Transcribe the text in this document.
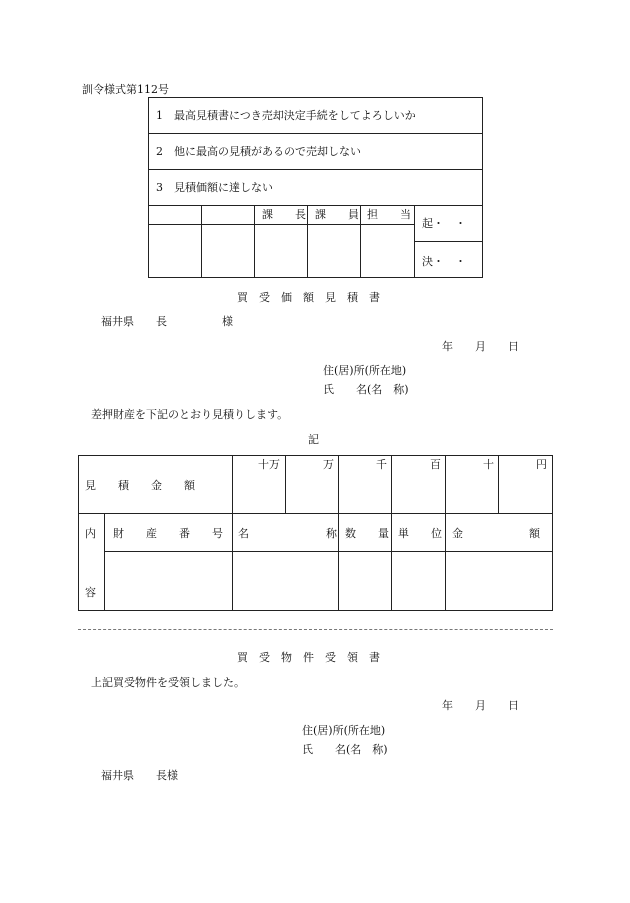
訓令様式第112号
1　最高見積書につき売却決定手続をしてよろしいか
2　他に最高の見積があるので売却しない
3　見積価額に達しない
課　　長 課　　員 担　　当
起・　・
決・　・
買　受　価　額　見　積　書
福井県　　長　　　　　様
年　　月　　日
住(居)所(所在地)
氏　　名(名　称)
差押財産を下記のとおり見積りします。
記
見　　積　　金　　額
十万	万	千	百	十	円
内
容
財　　産　　番　　号 名　　　　　　　称 数　　量 単　　位 金　　　　　　額
買　受　物　件　受　領　書
上記買受物件を受領しました。
年　　月　　日
住(居)所(所在地)
氏　　名(名　称)
福井県　　長様
